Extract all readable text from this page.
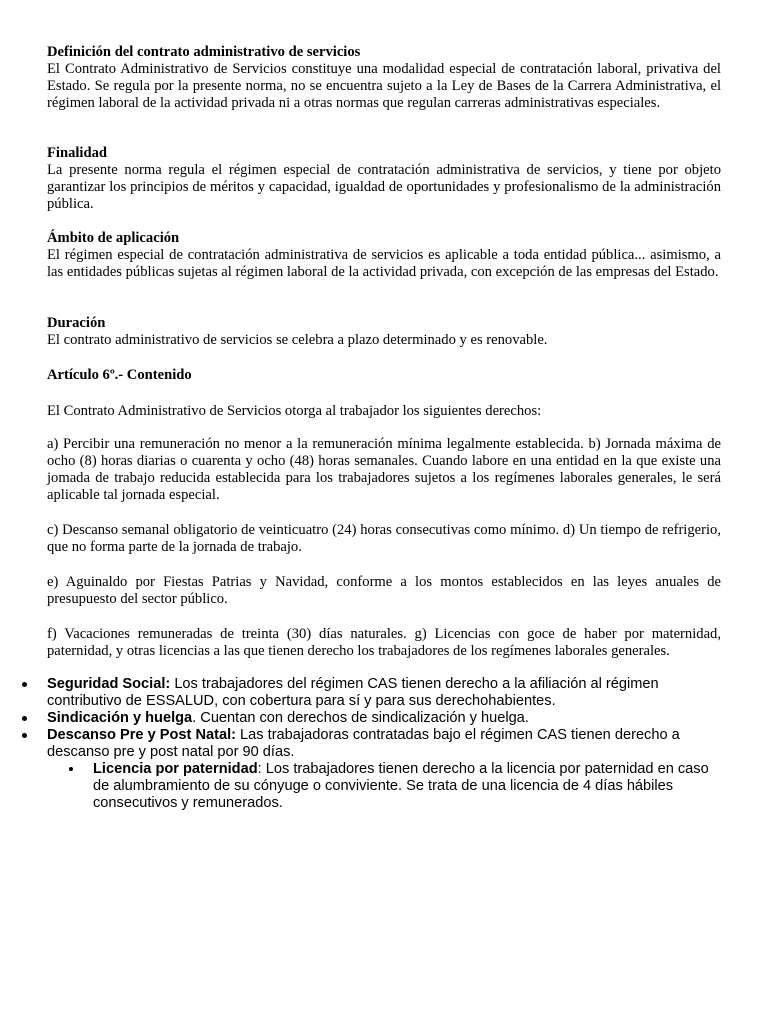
Definición del contrato administrativo de servicios

El Contrato Administrativo de Servicios constituye una modalidad especial de contratación laboral, privativa del Estado. Se regula por la presente norma, no se encuentra sujeto a la Ley de Bases de la Carrera Administrativa, el régimen laboral de la actividad privada ni a otras normas que regulan carreras administrativas especiales.

Finalidad

La presente norma regula el régimen especial de contratación administrativa de servicios, y tiene por objeto garantizar los principios de méritos y capacidad, igualdad de oportunidades y profesionalismo de la administración pública.

Ámbito de aplicación

El régimen especial de contratación administrativa de servicios es aplicable a toda entidad pública... asimismo, a las entidades públicas sujetas al régimen laboral de la actividad privada, con excepción de las empresas del Estado.

Duración

El contrato administrativo de servicios se celebra a plazo determinado y es renovable.

Artículo 6º.- Contenido

El Contrato Administrativo de Servicios otorga al trabajador los siguientes derechos:

a) Percibir una remuneración no menor a la remuneración mínima legalmente establecida. b) Jornada máxima de ocho (8) horas diarias o cuarenta y ocho (48) horas semanales. Cuando labore en una entidad en la que existe una jomada de trabajo reducida establecida para los trabajadores sujetos a los regímenes laborales generales, le será aplicable tal jornada especial.

c) Descanso semanal obligatorio de veinticuatro (24) horas consecutivas como mínimo. d) Un tiempo de refrigerio, que no forma parte de la jornada de trabajo.

e) Aguinaldo por Fiestas Patrias y Navidad, conforme a los montos establecidos en las leyes anuales de presupuesto del sector público.

f) Vacaciones remuneradas de treinta (30) días naturales. g) Licencias con goce de haber por maternidad, paternidad, y otras licencias a las que tienen derecho los trabajadores de los regímenes laborales generales.

Seguridad Social: Los trabajadores del régimen CAS tienen derecho a la afiliación al régimen contributivo de ESSALUD, con cobertura para sí y para sus derechohabientes.
Sindicación y huelga. Cuentan con derechos de sindicalización y huelga.
Descanso Pre y Post Natal: Las trabajadoras contratadas bajo el régimen CAS tienen derecho a descanso pre y post natal por 90 días.
Licencia por paternidad: Los trabajadores tienen derecho a la licencia por paternidad en caso de alumbramiento de su cónyuge o conviviente. Se trata de una licencia de 4 días hábiles consecutivos y remunerados.
